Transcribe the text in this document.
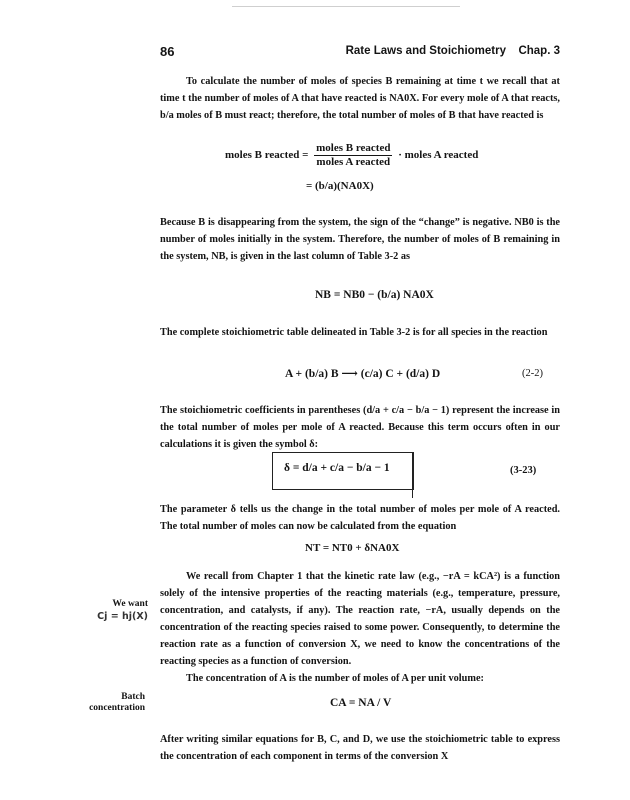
86	Rate Laws and Stoichiometry Chap. 3

To calculate the number of moles of species B remaining at time t we recall that at time t the number of moles of A that have reacted is NA0X. For every mole of A that reacts, b/a moles of B must react; therefore, the total number of moles of B that have reacted is

moles B reacted = $\frac{\text{moles B reacted}}{\text{moles A reacted}}$ · moles A reacted
= (b/a)(NA0X)

Because B is disappearing from the system, the sign of the “change” is negative. NB0 is the number of moles initially in the system. Therefore, the number of moles of B remaining in the system, NB, is given in the last column of Table 3-2 as

NB = NB0 − (b/a) NA0X

The complete stoichiometric table delineated in Table 3-2 is for all species in the reaction

A + (b/a) B ⟶ (c/a) C + (d/a) D	(2-2)

The stoichiometric coefficients in parentheses (d/a + c/a − b/a − 1) represent the increase in the total number of moles per mole of A reacted. Because this term occurs often in our calculations it is given the symbol δ:

δ = d/a + c/a − b/a − 1	(3-23)

The parameter δ tells us the change in the total number of moles per mole of A reacted. The total number of moles can now be calculated from the equation

NT = NT0 + δNA0X

We recall from Chapter 1 that the kinetic rate law (e.g., −rA = kCA²) is a function solely of the intensive properties of the reacting materials (e.g., temperature, pressure, concentration, and catalysts, if any). The reaction rate, −rA, usually depends on the concentration of the reacting species raised to some power. Consequently, to determine the reaction rate as a function of conversion X, we need to know the concentrations of the reacting species as a function of conversion.

We want
Cj = hj(X)

The concentration of A is the number of moles of A per unit volume:

Batch
concentration	CA = NA / V

After writing similar equations for B, C, and D, we use the stoichiometric table to express the concentration of each component in terms of the conversion X
